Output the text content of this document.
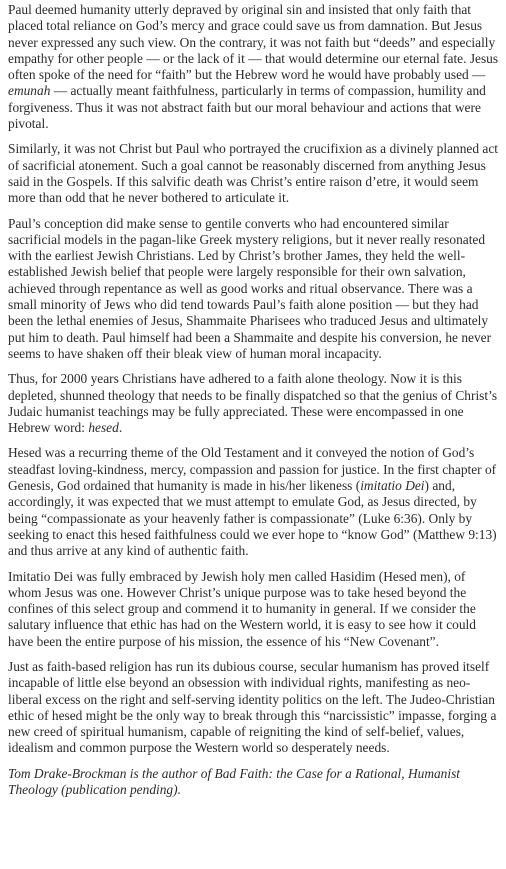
Paul deemed humanity utterly depraved by original sin and insisted that only faith that placed total reliance on God’s mercy and grace could save us from damnation. But Jesus never expressed any such view. On the contrary, it was not faith but “deeds” and especially empathy for other people — or the lack of it — that would determine our eternal fate. Jesus often spoke of the need for “faith” but the Hebrew word he would have probably used — emunah — actually meant faithfulness, particularly in terms of compassion, humility and forgiveness. Thus it was not abstract faith but our moral behaviour and actions that were pivotal.

Similarly, it was not Christ but Paul who portrayed the crucifixion as a divinely planned act of sacrificial atonement. Such a goal cannot be reasonably discerned from anything Jesus said in the Gospels. If this salvific death was Christ’s entire raison d’etre, it would seem more than odd that he never bothered to articulate it.

Paul’s conception did make sense to gentile converts who had encountered similar sacrificial models in the pagan-like Greek mystery religions, but it never really resonated with the earliest Jewish Christians. Led by Christ’s brother James, they held the well-established Jewish belief that people were largely responsible for their own salvation, achieved through repentance as well as good works and ritual observance. There was a small minority of Jews who did tend towards Paul’s faith alone position — but they had been the lethal enemies of Jesus, Shammaite Pharisees who traduced Jesus and ultimately put him to death. Paul himself had been a Shammaite and despite his conversion, he never seems to have shaken off their bleak view of human moral incapacity.

Thus, for 2000 years Christians have adhered to a faith alone theology. Now it is this depleted, shunned theology that needs to be finally dispatched so that the genius of Christ’s Judaic humanist teachings may be fully appreciated. These were encompassed in one Hebrew word: hesed.

Hesed was a recurring theme of the Old Testament and it conveyed the notion of God’s steadfast loving-kindness, mercy, compassion and passion for justice. In the first chapter of Genesis, God ordained that humanity is made in his/her likeness (imitatio Dei) and, accordingly, it was expected that we must attempt to emulate God, as Jesus directed, by being “compassionate as your heavenly father is compassionate” (Luke 6:36). Only by seeking to enact this hesed faithfulness could we ever hope to “know God” (Matthew 9:13) and thus arrive at any kind of authentic faith.

Imitatio Dei was fully embraced by Jewish holy men called Hasidim (Hesed men), of whom Jesus was one. However Christ’s unique purpose was to take hesed beyond the confines of this select group and commend it to humanity in general. If we consider the salutary influence that ethic has had on the Western world, it is easy to see how it could have been the entire purpose of his mission, the essence of his “New Covenant”.

Just as faith-based religion has run its dubious course, secular humanism has proved itself incapable of little else beyond an obsession with individual rights, manifesting as neo-liberal excess on the right and self-serving identity politics on the left. The Judeo-Christian ethic of hesed might be the only way to break through this “narcissistic” impasse, forging a new creed of spiritual humanism, capable of reigniting the kind of self-belief, values, idealism and common purpose the Western world so desperately needs.

Tom Drake-Brockman is the author of Bad Faith: the Case for a Rational, Humanist Theology (publication pending).
